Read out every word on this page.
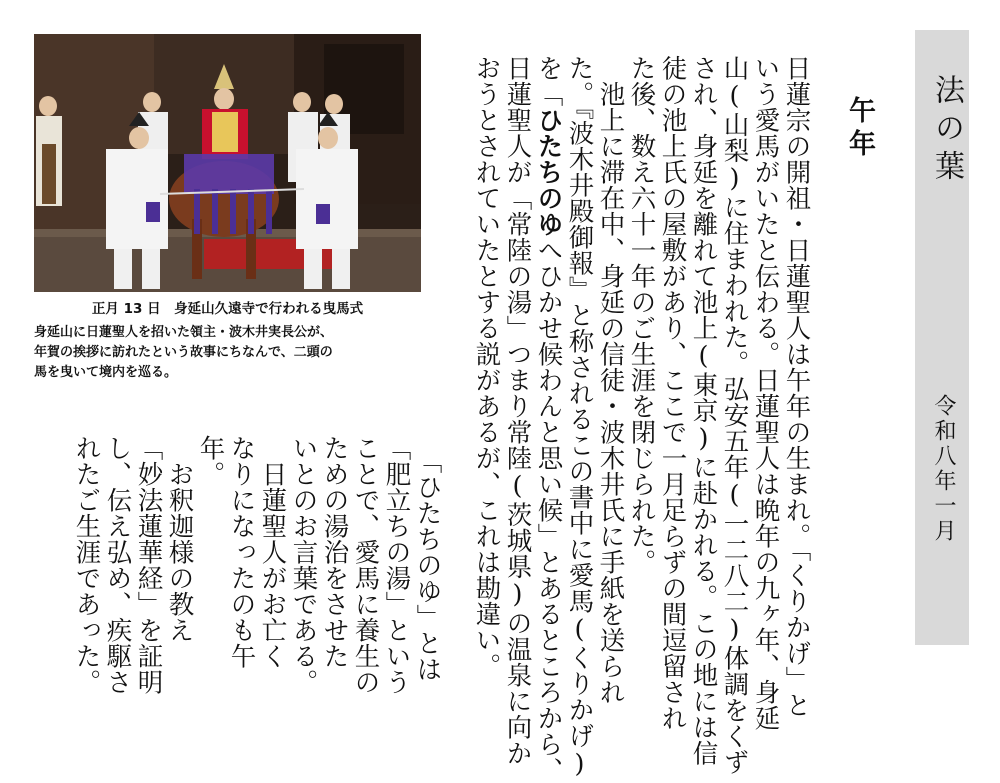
法の葉
令和八年一月
午年
日蓮宗の開祖・日蓮聖人は午年の生まれ。「くりかげ」と
いう愛馬がいたと伝わる。日蓮聖人は晩年の九ヶ年、身延
山(山梨)に住まわれた。弘安五年(一二八二)体調をくず
され、身延を離れて池上(東京)に赴かれる。この地には信
徒の池上氏の屋敷があり、ここで一月足らずの間逗留され
た後、数え六十一年のご生涯を閉じられた。
　池上に滞在中、身延の信徒・波木井氏に手紙を送られ
た。『波木井殿御報』と称されるこの書中に愛馬(くりかげ)
を「ひたちのゆへひかせ候わんと思い候」とあるところから、
日蓮聖人が「常陸の湯」つまり常陸(茨城県)の温泉に向か
おうとされていたとする説があるが、これは勘違い。
　「ひたちのゆ」とは
「肥立ちの湯」という
ことで、愛馬に養生の
ための湯治をさせた
いとのお言葉である。
　日蓮聖人がお亡く
なりになったのも午
年。
　お釈迦様の教え
「妙法蓮華経」を証明
し、伝え弘め、疾駆さ
れたご生涯であった。
正月 13 日　身延山久遠寺で行われる曳馬式
身延山に日蓮聖人を招いた領主・波木井実長公が、
年賀の挨拶に訪れたという故事にちなんで、二頭の
馬を曳いて境内を巡る。
